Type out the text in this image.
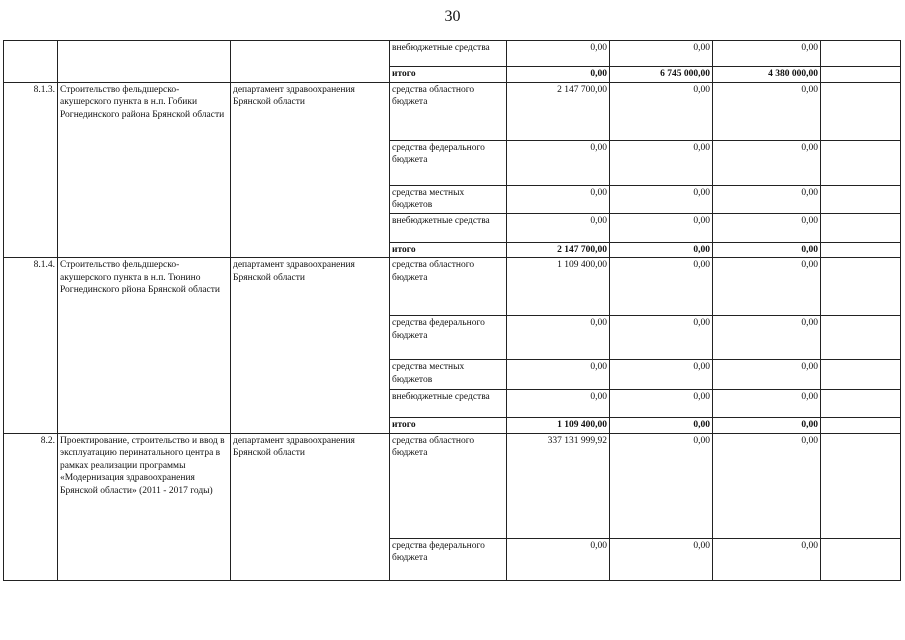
30
			внебюджетные средства	0,00	0,00	0,00	
			итого	0,00	6 745 000,00	4 380 000,00	
8.1.3.	Строительство фельдшерско-акушерского пункта в н.п. Гобики Рогнединского района Брянской области	департамент здравоохранения Брянской области	средства областного бюджета	2 147 700,00	0,00	0,00	
			средства федерального бюджета	0,00	0,00	0,00	
			средства местных бюджетов	0,00	0,00	0,00	
			внебюджетные средства	0,00	0,00	0,00	
			итого	2 147 700,00	0,00	0,00	
8.1.4.	Строительство фельдшерско-акушерского пункта в н.п. Тюнино Рогнединского рйона Брянской области	департамент здравоохранения Брянской области	средства областного бюджета	1 109 400,00	0,00	0,00	
			средства федерального бюджета	0,00	0,00	0,00	
			средства местных бюджетов	0,00	0,00	0,00	
			внебюджетные средства	0,00	0,00	0,00	
			итого	1 109 400,00	0,00	0,00	
8.2.	Проектирование, строительство и ввод в эксплуатацию перинатального центра в рамках реализации программы «Модернизация здравоохранения Брянской области» (2011 - 2017 годы)	департамент здравоохранения Брянской области	средства областного бюджета	337 131 999,92	0,00	0,00	
			средства федерального бюджета	0,00	0,00	0,00	
